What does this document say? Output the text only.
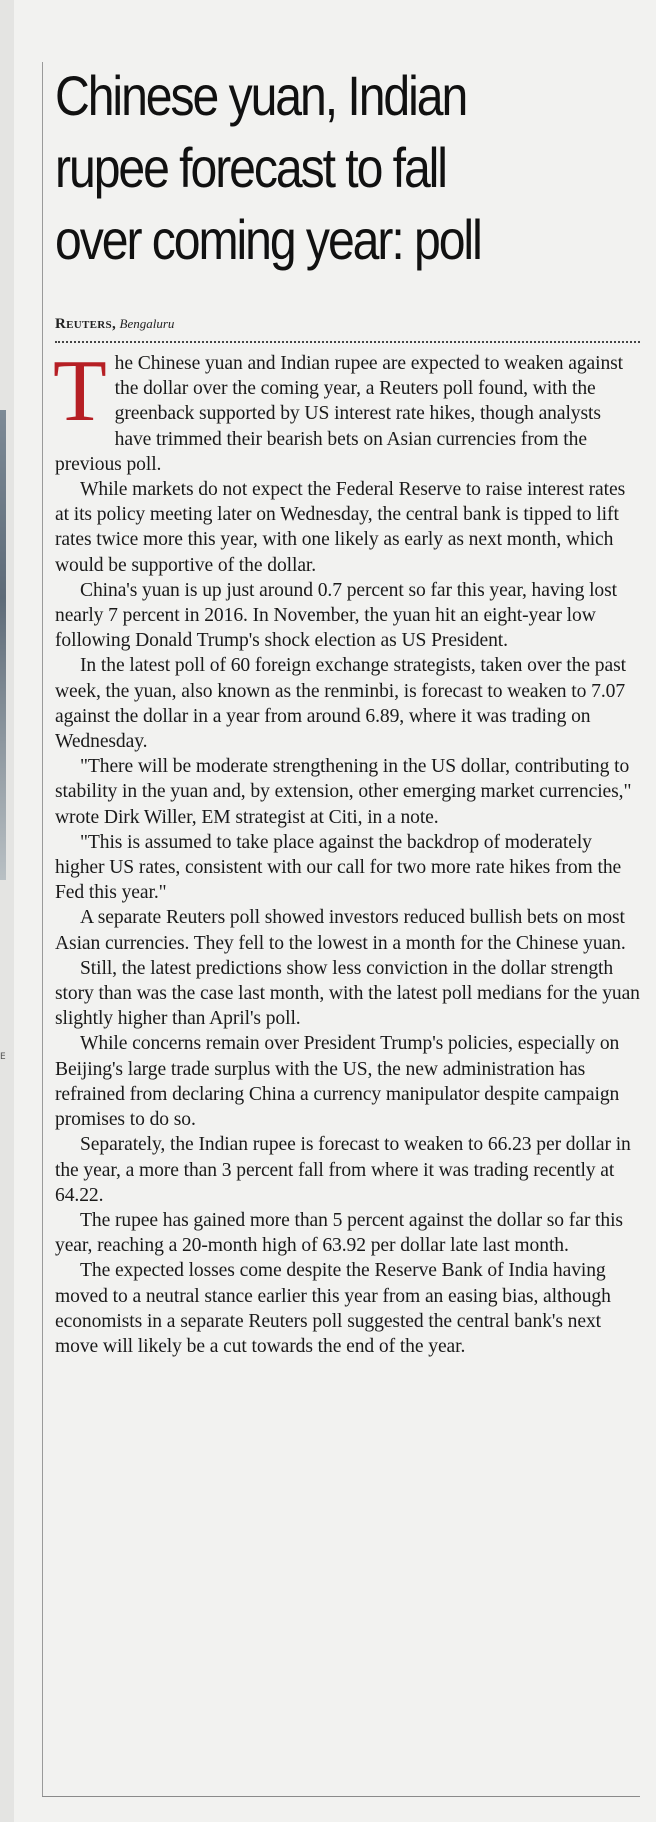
E
Chinese yuan, Indian
rupee forecast to fall
over coming year: poll
Reuters, Bengaluru

The Chinese yuan and Indian rupee are expected to weaken against the dollar over the coming year, a Reuters poll found, with the greenback supported by US interest rate hikes, though analysts have trimmed their bearish bets on Asian currencies from the previous poll.

While markets do not expect the Federal Reserve to raise interest rates at its policy meeting later on Wednesday, the central bank is tipped to lift rates twice more this year, with one likely as early as next month, which would be supportive of the dollar.

China's yuan is up just around 0.7 percent so far this year, having lost nearly 7 percent in 2016. In November, the yuan hit an eight-year low following Donald Trump's shock election as US President.

In the latest poll of 60 foreign exchange strategists, taken over the past week, the yuan, also known as the renminbi, is forecast to weaken to 7.07 against the dollar in a year from around 6.89, where it was trading on Wednesday.

"There will be moderate strengthening in the US dollar, contributing to stability in the yuan and, by extension, other emerging market currencies," wrote Dirk Willer, EM strategist at Citi, in a note.

"This is assumed to take place against the backdrop of moderately higher US rates, consistent with our call for two more rate hikes from the Fed this year."

A separate Reuters poll showed investors reduced bullish bets on most Asian currencies. They fell to the lowest in a month for the Chinese yuan.

Still, the latest predictions show less conviction in the dollar strength story than was the case last month, with the latest poll medians for the yuan slightly higher than April's poll.

While concerns remain over President Trump's policies, especially on Beijing's large trade surplus with the US, the new administration has refrained from declaring China a currency manipulator despite campaign promises to do so.

Separately, the Indian rupee is forecast to weaken to 66.23 per dollar in the year, a more than 3 percent fall from where it was trading recently at 64.22.

The rupee has gained more than 5 percent against the dollar so far this year, reaching a 20-month high of 63.92 per dollar late last month.

The expected losses come despite the Reserve Bank of India having moved to a neutral stance earlier this year from an easing bias, although economists in a separate Reuters poll suggested the central bank's next move will likely be a cut towards the end of the year.
